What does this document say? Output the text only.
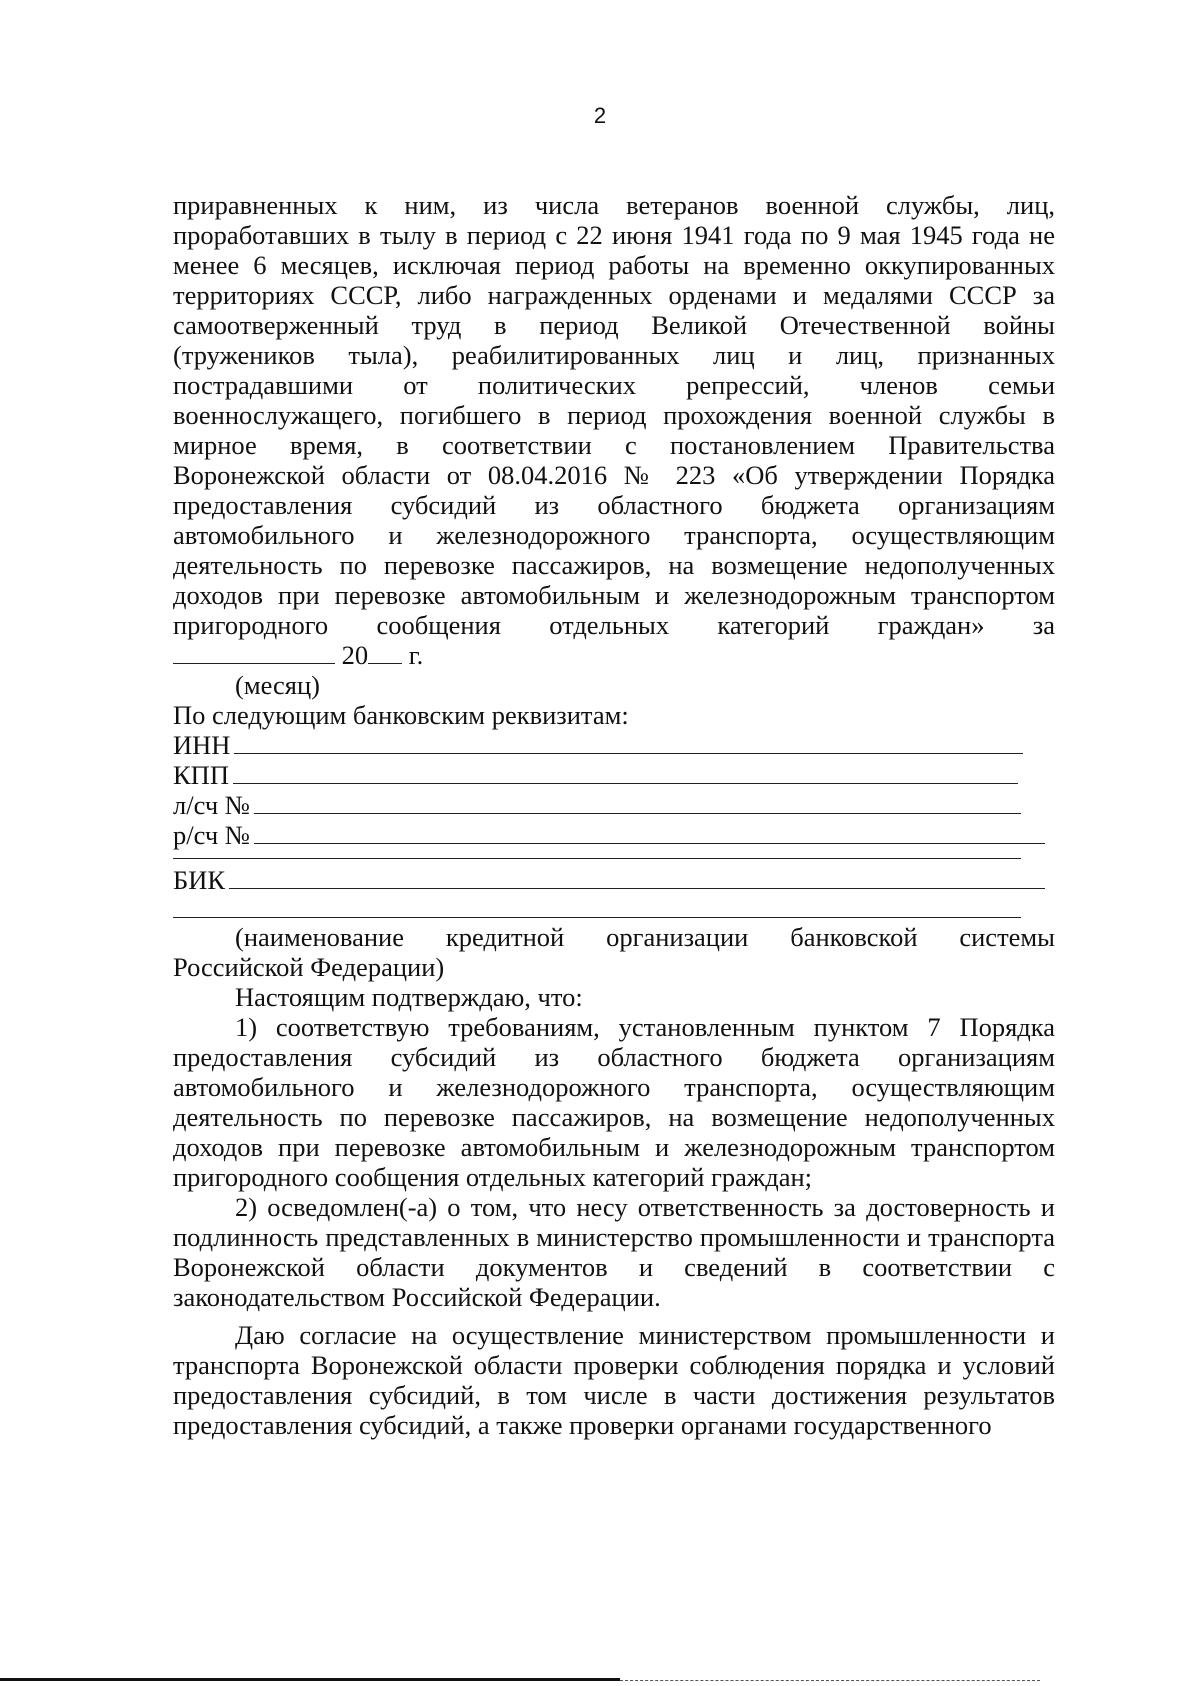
2
приравненных к ним, из числа ветеранов военной службы, лиц,
проработавших в тылу в период с 22 июня 1941 года по 9 мая 1945 года не
менее 6 месяцев, исключая период работы на временно оккупированных
территориях СССР, либо награжденных орденами и медалями СССР за
самоотверженный труд в период Великой Отечественной войны
(тружеников тыла), реабилитированных лиц и лиц, признанных
пострадавшими от политических репрессий, членов семьи
военнослужащего, погибшего в период прохождения военной службы в
мирное время, в соответствии с постановлением Правительства
Воронежской области от 08.04.2016 № 223 «Об утверждении Порядка
предоставления субсидий из областного бюджета организациям
автомобильного и железнодорожного транспорта, осуществляющим
деятельность по перевозке пассажиров, на возмещение недополученных
доходов при перевозке автомобильным и железнодорожным транспортом
пригородного сообщения отдельных категорий граждан» за
20 г.
(месяц)
По следующим банковским реквизитам:
ИНН
КПП
л/сч №
р/сч №
БИК
(наименование кредитной организации банковской системы
Российской Федерации)
Настоящим подтверждаю, что:
1) соответствую требованиям, установленным пунктом 7 Порядка предоставления субсидий из областного бюджета организациям автомобильного и железнодорожного транспорта, осуществляющим деятельность по перевозке пассажиров, на возмещение недополученных доходов при перевозке автомобильным и железнодорожным транспортом пригородного сообщения отдельных категорий граждан;
2) осведомлен(-а) о том, что несу ответственность за достоверность и подлинность представленных в министерство промышленности и транспорта Воронежской области документов и сведений в соответствии с законодательством Российской Федерации.
Даю согласие на осуществление министерством промышленности и транспорта Воронежской области проверки соблюдения порядка и условий предоставления субсидий, в том числе в части достижения результатов предоставления субсидий, а также проверки органами государственного
